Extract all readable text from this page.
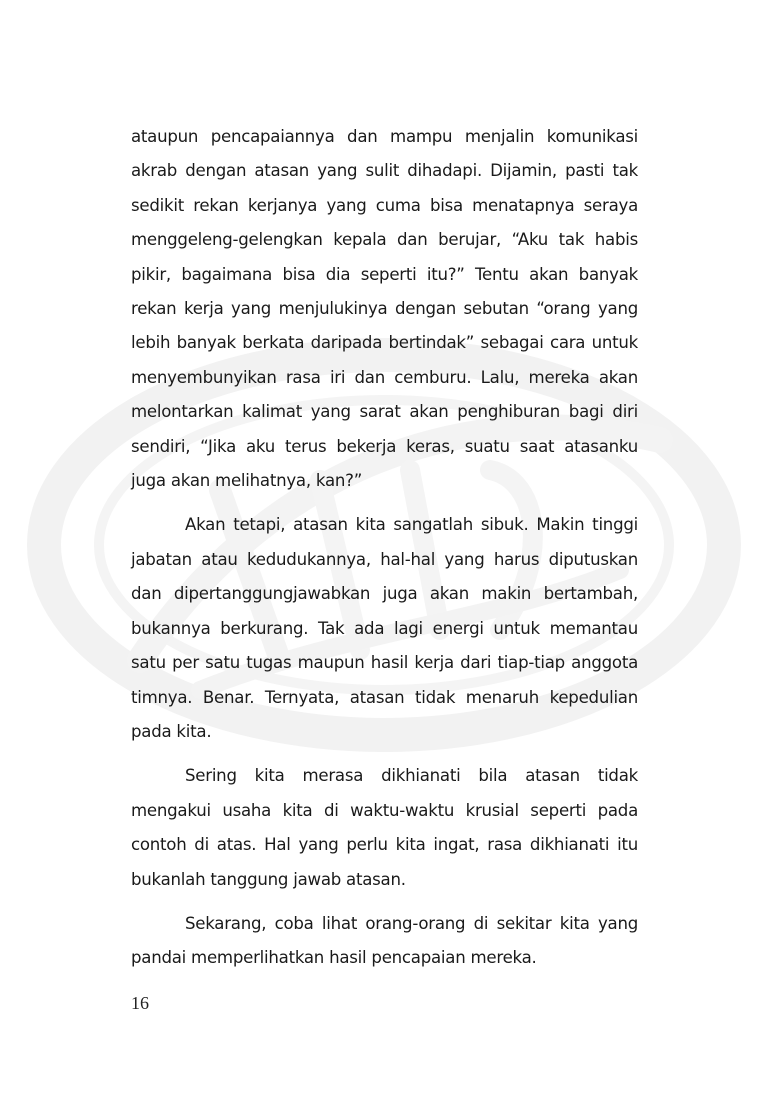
ataupun pencapaiannya dan mampu menjalin komunikasi akrab dengan atasan yang sulit dihadapi. Dijamin, pasti tak sedikit rekan kerjanya yang cuma bisa menatapnya seraya menggeleng-gelengkan kepala dan berujar, “Aku tak habis pikir, bagaimana bisa dia seperti itu?” Tentu akan banyak rekan kerja yang menjulukinya dengan sebutan “orang yang lebih banyak berkata daripada bertindak” sebagai cara untuk menyembunyikan rasa iri dan cemburu. Lalu, mereka akan melontarkan kalimat yang sarat akan penghiburan bagi diri sendiri, “Jika aku terus bekerja keras, suatu saat atasanku juga akan melihatnya, kan?”

Akan tetapi, atasan kita sangatlah sibuk. Makin tinggi jabatan atau kedudukannya, hal-hal yang harus diputuskan dan dipertanggungjawabkan juga akan makin bertambah, bukannya berkurang. Tak ada lagi energi untuk memantau satu per satu tugas maupun hasil kerja dari tiap-tiap anggota timnya. Benar. Ternyata, atasan tidak menaruh kepedulian pada kita.

Sering kita merasa dikhianati bila atasan tidak mengakui usaha kita di waktu-waktu krusial seperti pada contoh di atas. Hal yang perlu kita ingat, rasa dikhianati itu bukanlah tanggung jawab atasan.

Sekarang, coba lihat orang-orang di sekitar kita yang pandai memperlihatkan hasil pencapaian mereka.

16
